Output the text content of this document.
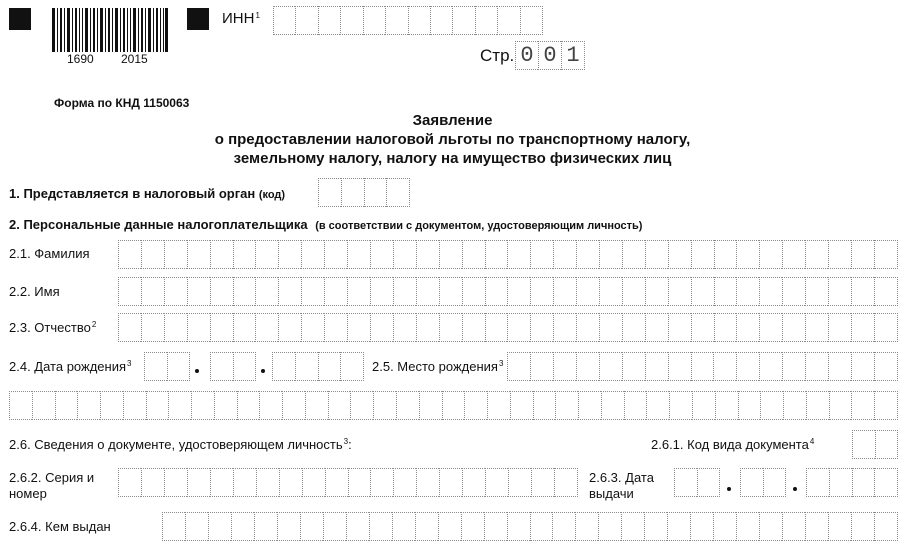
1690 2015
ИНН$^1$
Стр. 0 0 1
Форма по КНД 1150063
Заявление
о предоставлении налоговой льготы по транспортному налогу,
земельному налогу, налогу на имущество физических лиц
1. Представляется в налоговый орган (код)
2. Персональные данные налогоплательщика (в соответствии с документом, удостоверяющим личность)
2.1. Фамилия
2.2. Имя
2.3. Отчество$^2$
2.4. Дата рождения$^3$	2.5. Место рождения$^3$
2.6. Сведения о документе, удостоверяющем личность$^3$:	2.6.1. Код вида документа$^4$
2.6.2. Серия и
номер
2.6.3. Дата
выдачи
2.6.4. Кем выдан
